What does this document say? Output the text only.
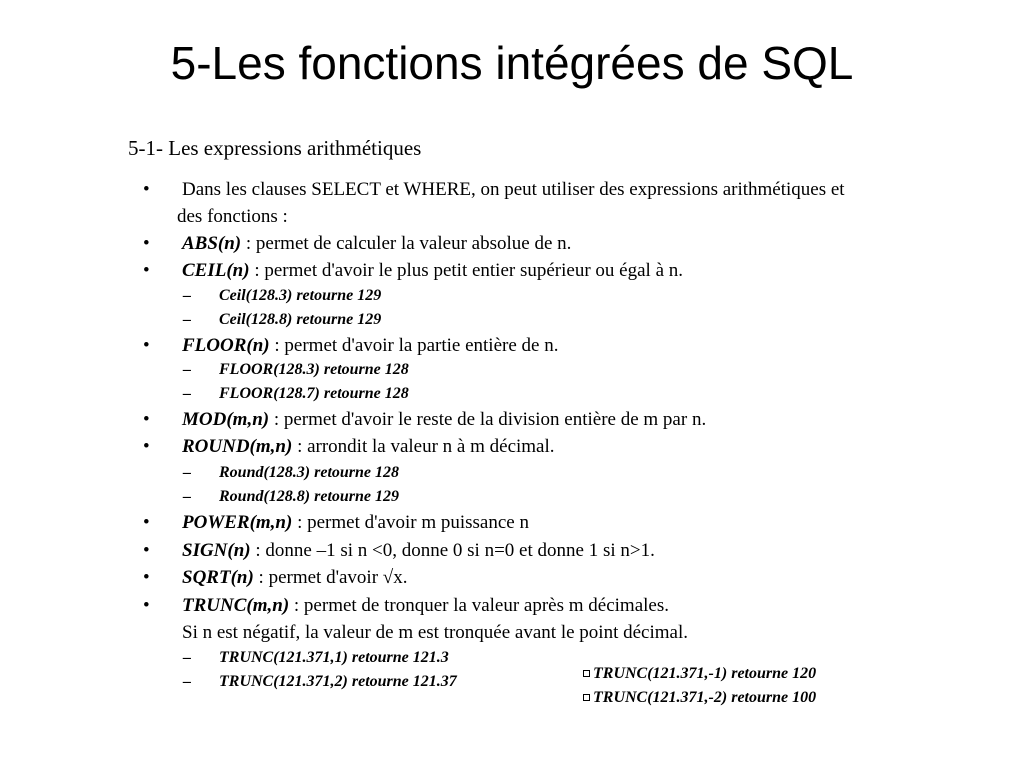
5-Les fonctions intégrées de SQL
5-1- Les expressions arithmétiques
• Dans les clauses SELECT et WHERE, on peut utiliser des expressions arithmétiques et
des fonctions :
• ABS(n) : permet de calculer la valeur absolue de n.
• CEIL(n) : permet d'avoir le plus petit entier supérieur ou égal à n.
– Ceil(128.3) retourne 129
– Ceil(128.8) retourne 129
• FLOOR(n) : permet d'avoir la partie entière de n.
– FLOOR(128.3) retourne 128
– FLOOR(128.7) retourne 128
• MOD(m,n) : permet d'avoir le reste de la division entière de m par n.
• ROUND(m,n) : arrondit la valeur n à m décimal.
– Round(128.3) retourne 128
– Round(128.8) retourne 129
• POWER(m,n) : permet d'avoir m puissance n
• SIGN(n) : donne –1 si n <0, donne 0 si n=0 et donne 1 si n>1.
• SQRT(n) : permet d'avoir √x.
• TRUNC(m,n) : permet de tronquer la valeur après m décimales.
Si n est négatif, la valeur de m est tronquée avant le point décimal.
– TRUNC(121.371,1) retourne 121.3
– TRUNC(121.371,2) retourne 121.37	TRUNC(121.371,-1) retourne 120
TRUNC(121.371,-2) retourne 100
